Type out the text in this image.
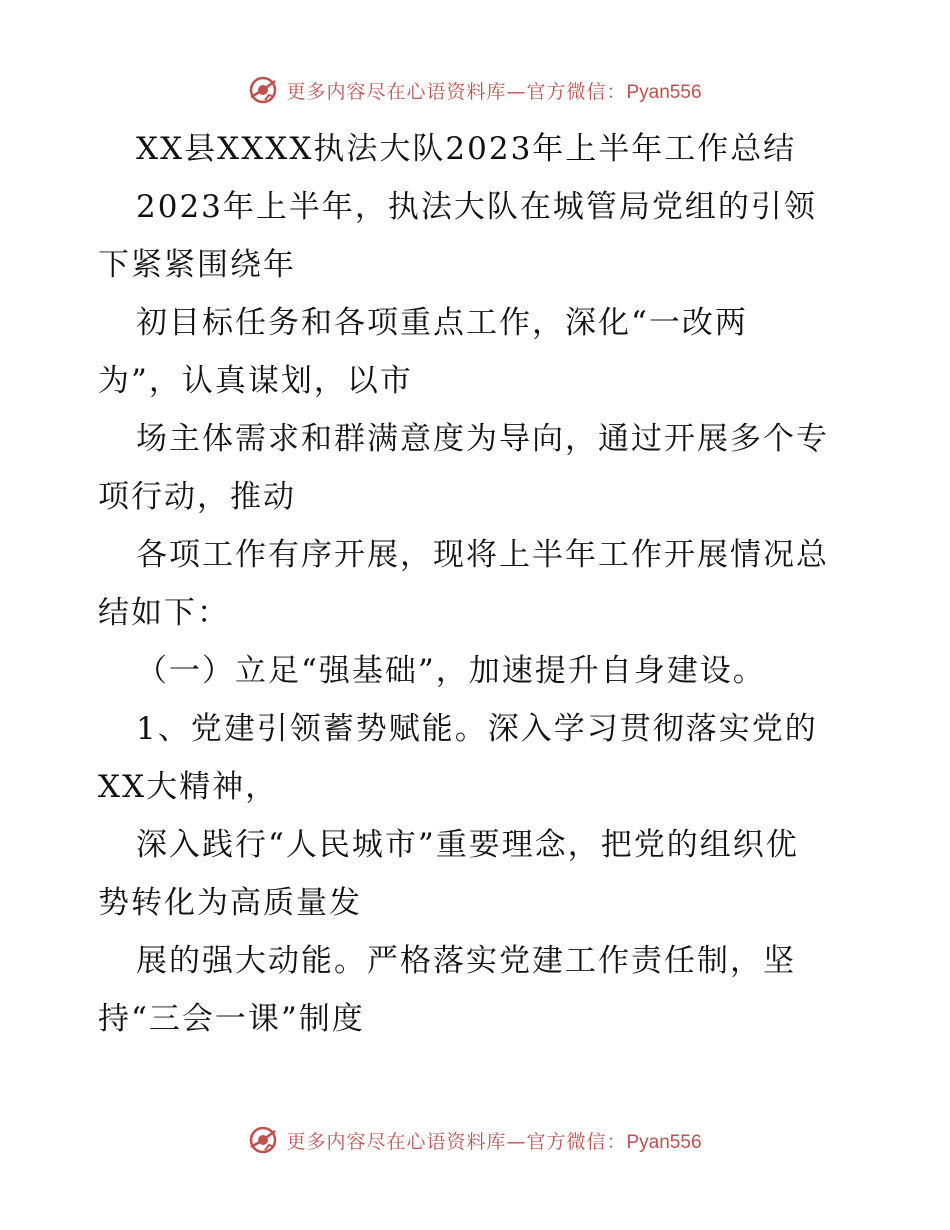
更多内容尽在心语资料库—官方微信：Pyan556
XX县XXXX执法大队2023年上半年工作总结
2023年上半年，执法大队在城管局党组的引领
下紧紧围绕年
初目标任务和各项重点工作，深化“一改两
为”，认真谋划，以市
场主体需求和群满意度为导向，通过开展多个专
项行动，推动
各项工作有序开展，现将上半年工作开展情况总
结如下：
（一）立足“强基础”，加速提升自身建设。
1、党建引领蓄势赋能。深入学习贯彻落实党的
XX大精神，
深入践行“人民城市”重要理念，把党的组织优
势转化为高质量发
展的强大动能。严格落实党建工作责任制，坚
持“三会一课”制度
更多内容尽在心语资料库—官方微信：Pyan556
